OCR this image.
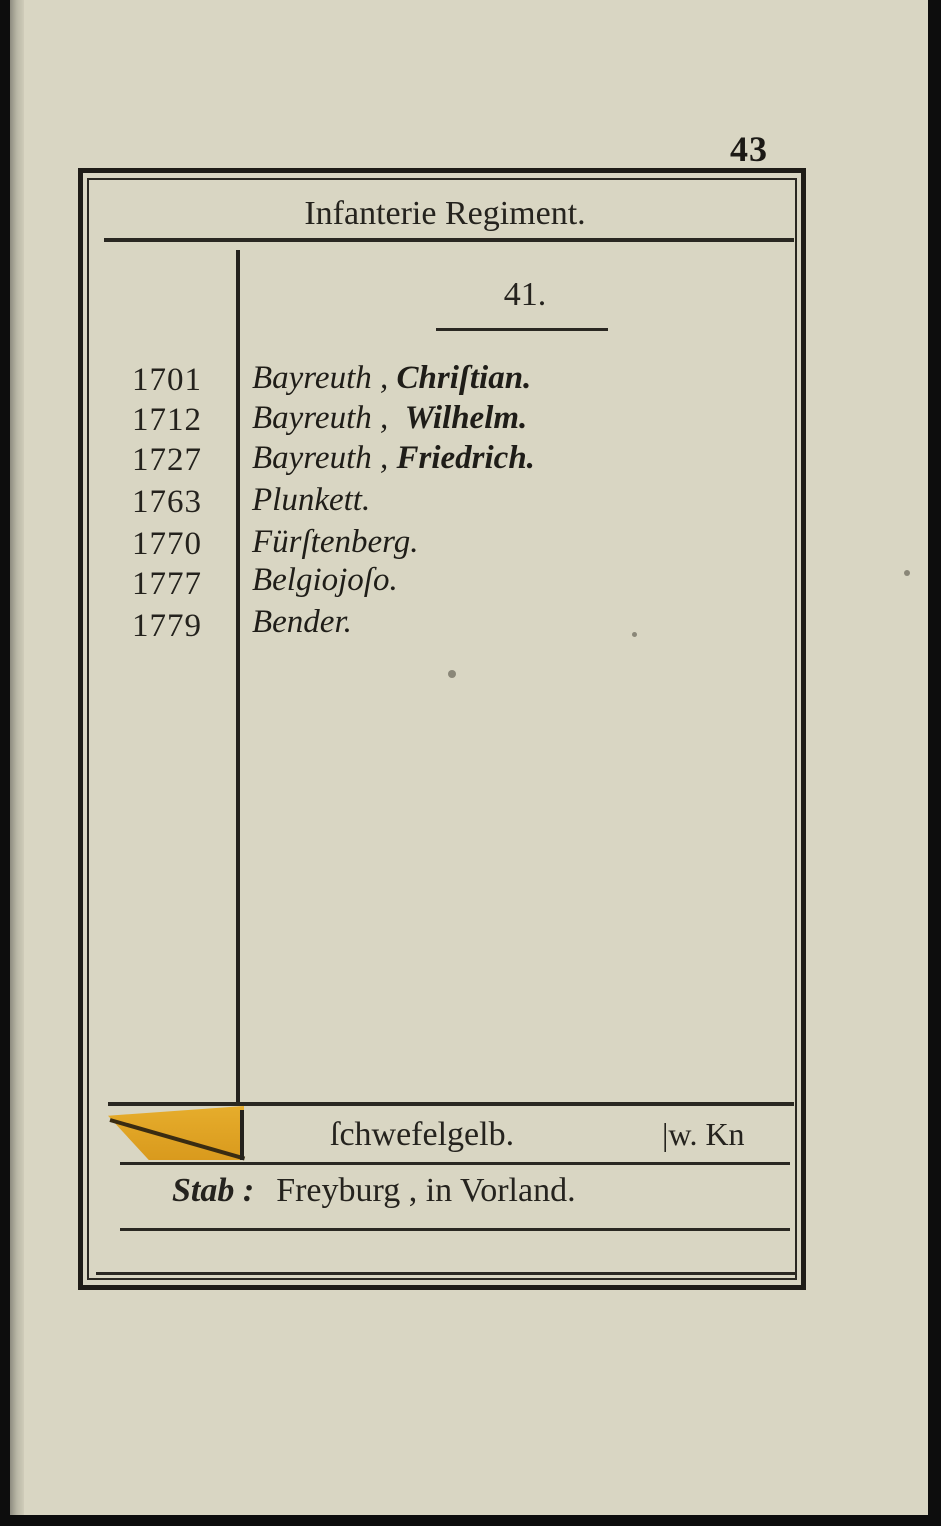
43
Infanterie Regiment.
41.
1701	Bayreuth , Chriſtian.
1712	Bayreuth , Wilhelm.
1727	Bayreuth , Friedrich.
1763	Plunkett.
1770	Fürſtenberg.
1777	Belgiojoſo.
1779	Bender.
ſchwefelgelb.	|w. Kn
Stab : Freyburg , in Vorland.
